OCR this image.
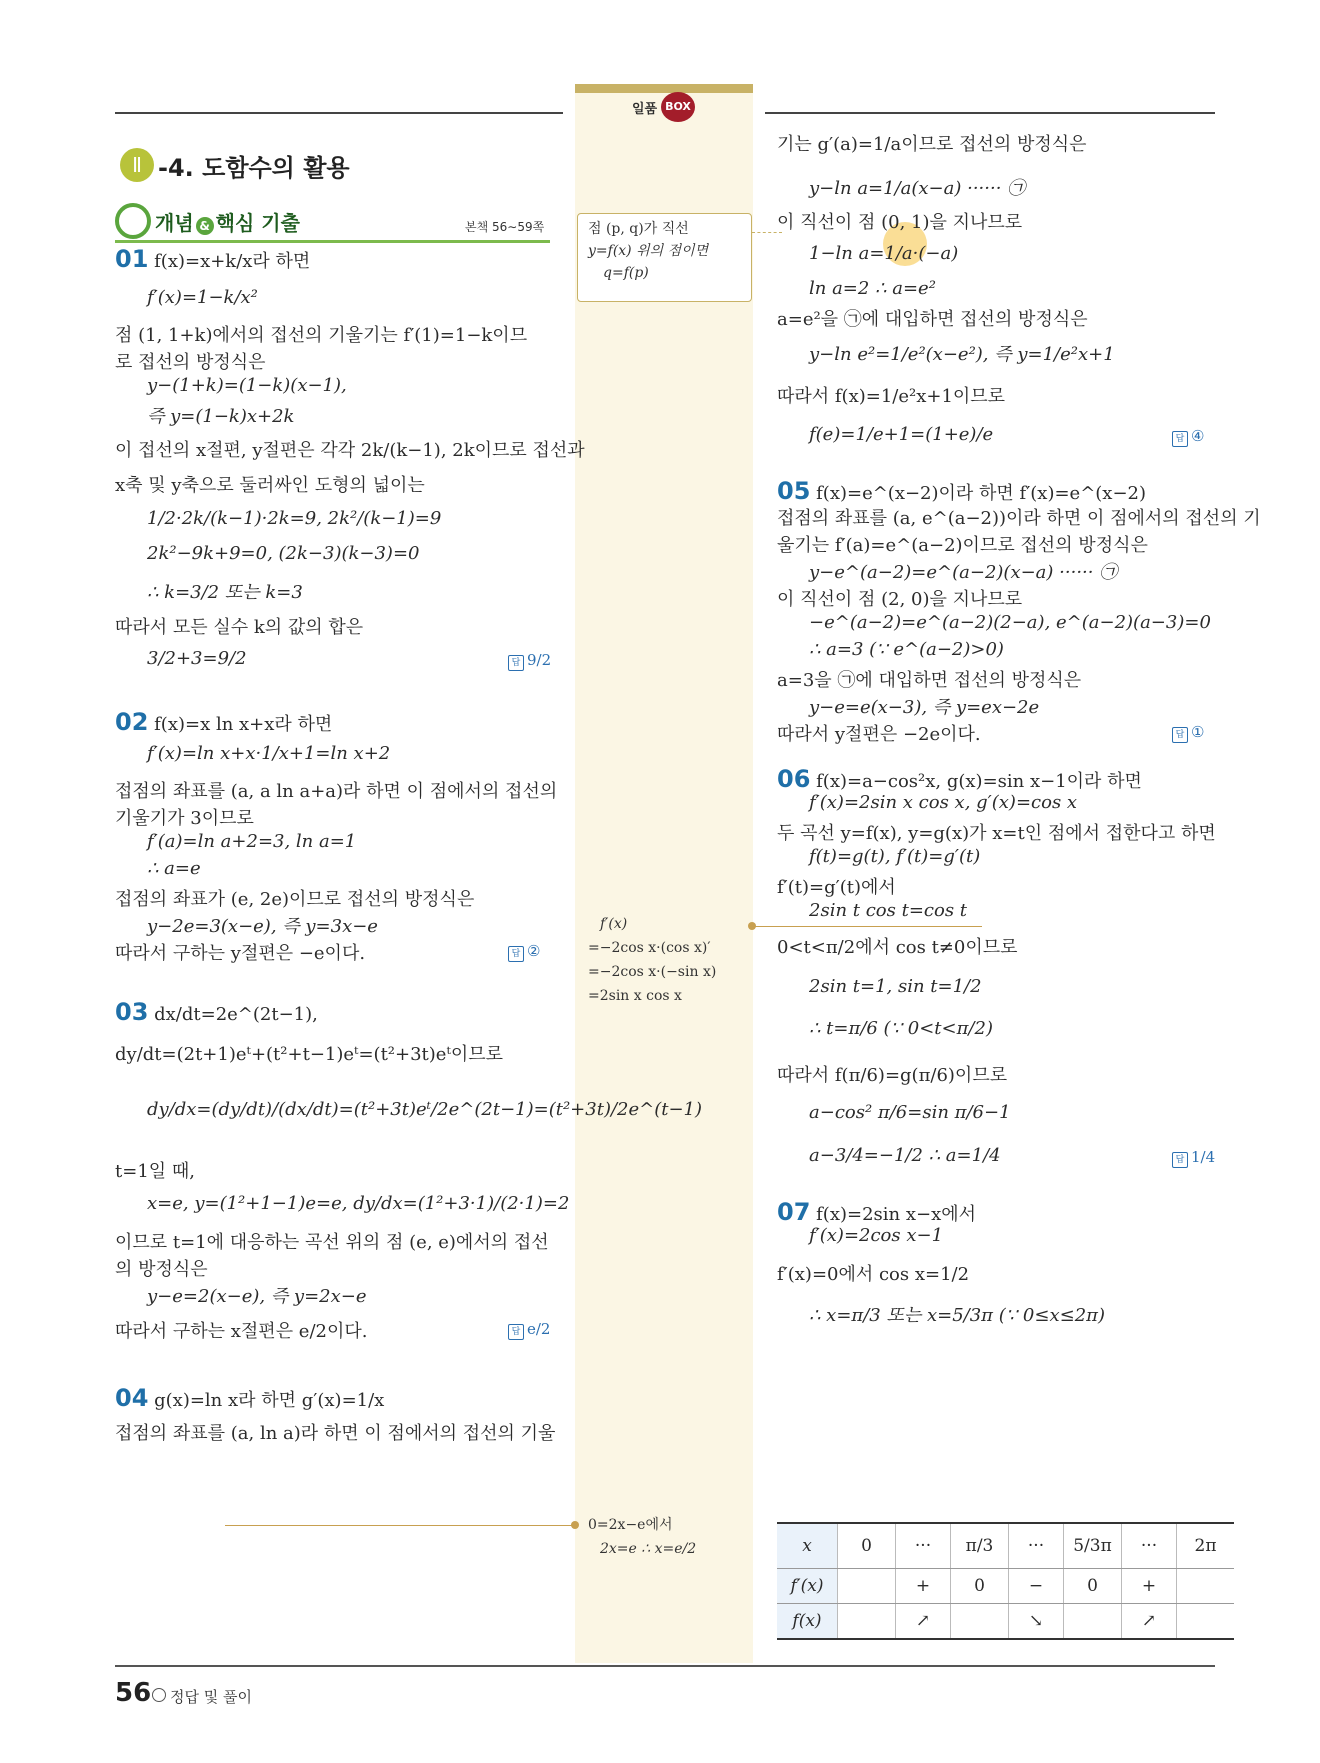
일품 BOX
Ⅱ -4. 도함수의 활용
개념 & 핵심 기출	본책 56∼59쪽	점 (p, q)가 직선
y=f(x) 위의 점이면
q=f(p)
f′(x)
=−2cos x·(cos x)′
=−2cos x·(−sin x)
=2sin x cos x
0=2x−e에서
2x=e ∴ x=e/2	x	0	···	π/3	···	5/3π	···	2π
f′(x)		+	0	−	0	+	
f(x)		↗		↘		↗	
56 정답 및 풀이
01 f(x)=x+k/x라 하면
f′(x)=1−k/x²
점 (1, 1+k)에서의 접선의 기울기는 f′(1)=1−k이므
로 접선의 방정식은
y−(1+k)=(1−k)(x−1),
즉 y=(1−k)x+2k
이 접선의 x절편, y절편은 각각 2k/(k−1), 2k이므로 접선과
x축 및 y축으로 둘러싸인 도형의 넓이는
1/2·2k/(k−1)·2k=9, 2k²/(k−1)=9
2k²−9k+9=0, (2k−3)(k−3)=0
∴ k=3/2 또는 k=3
따라서 모든 실수 k의 값의 합은
3/2+3=9/2	답 9/2
02 f(x)=x ln x+x라 하면
f′(x)=ln x+x·1/x+1=ln x+2
접점의 좌표를 (a, a ln a+a)라 하면 이 점에서의 접선의
기울기가 3이므로
f′(a)=ln a+2=3, ln a=1
∴ a=e
접점의 좌표가 (e, 2e)이므로 접선의 방정식은
y−2e=3(x−e), 즉 y=3x−e
따라서 구하는 y절편은 −e이다.	답 ②
03 dx/dt=2e^(2t−1),
dy/dt=(2t+1)eᵗ+(t²+t−1)eᵗ=(t²+3t)eᵗ이므로
dy/dx=(dy/dt)/(dx/dt)=(t²+3t)eᵗ/2e^(2t−1)=(t²+3t)/2e^(t−1)
t=1일 때,
x=e, y=(1²+1−1)e=e, dy/dx=(1²+3·1)/(2·1)=2
이므로 t=1에 대응하는 곡선 위의 점 (e, e)에서의 접선
의 방정식은
y−e=2(x−e), 즉 y=2x−e
따라서 구하는 x절편은 e/2이다.	답 e/2
04 g(x)=ln x라 하면 g′(x)=1/x
접점의 좌표를 (a, ln a)라 하면 이 점에서의 접선의 기울
기는 g′(a)=1/a이므로 접선의 방정식은
y−ln a=1/a(x−a) ······ ㉠
이 직선이 점 (0, 1)을 지나므로
1−ln a=1/a·(−a)
ln a=2 ∴ a=e²
a=e²을 ㉠에 대입하면 접선의 방정식은
y−ln e²=1/e²(x−e²), 즉 y=1/e²x+1
따라서 f(x)=1/e²x+1이므로
f(e)=1/e+1=(1+e)/e	답 ④
05 f(x)=e^(x−2)이라 하면 f′(x)=e^(x−2)
접점의 좌표를 (a, e^(a−2))이라 하면 이 점에서의 접선의 기
울기는 f′(a)=e^(a−2)이므로 접선의 방정식은
y−e^(a−2)=e^(a−2)(x−a) ······ ㉠
이 직선이 점 (2, 0)을 지나므로
−e^(a−2)=e^(a−2)(2−a), e^(a−2)(a−3)=0
∴ a=3 (∵ e^(a−2)>0)
a=3을 ㉠에 대입하면 접선의 방정식은
y−e=e(x−3), 즉 y=ex−2e
따라서 y절편은 −2e이다.	답 ①
06 f(x)=a−cos²x, g(x)=sin x−1이라 하면
f′(x)=2sin x cos x, g′(x)=cos x
두 곡선 y=f(x), y=g(x)가 x=t인 점에서 접한다고 하면
f(t)=g(t), f′(t)=g′(t)
f′(t)=g′(t)에서
2sin t cos t=cos t
0<t<π/2에서 cos t≠0이므로
2sin t=1, sin t=1/2
∴ t=π/6 (∵ 0<t<π/2)
따라서 f(π/6)=g(π/6)이므로
a−cos² π/6=sin π/6−1
a−3/4=−1/2 ∴ a=1/4	답 1/4
07 f(x)=2sin x−x에서
f′(x)=2cos x−1
f′(x)=0에서 cos x=1/2
∴ x=π/3 또는 x=5/3π (∵ 0≤x≤2π)
